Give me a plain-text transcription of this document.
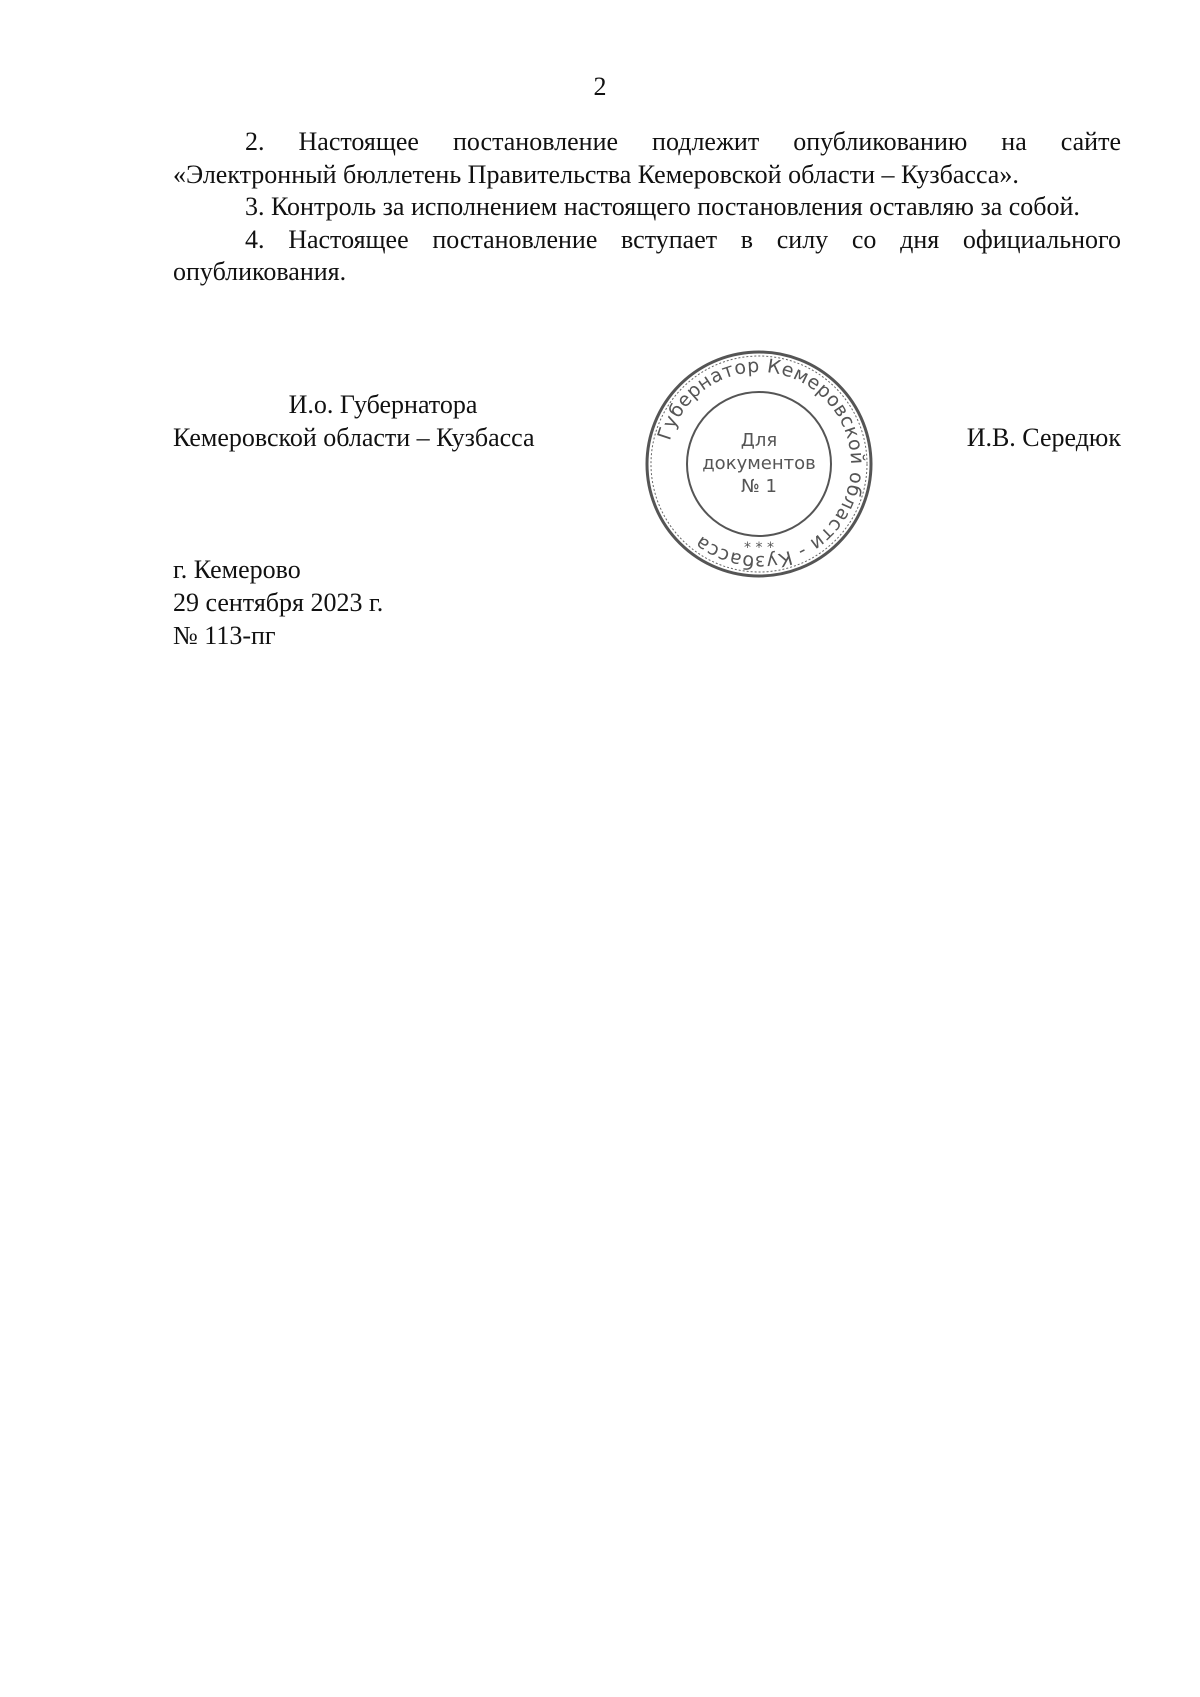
2

2. Настоящее постановление подлежит опубликованию на сайте «Электронный бюллетень Правительства Кемеровской области – Кузбасса».

3. Контроль за исполнением настоящего постановления оставляю за собой.

4. Настоящее постановление вступает в силу со дня официального опубликования.

И.о. Губернатора
Кемеровской области – Кузбасса	Губернатор Кемеровской области - Кузбасса
Для
документов
№ 1
* * *
И.В. Середюк
г. Кемерово
29 сентября 2023 г.
№ 113-пг
